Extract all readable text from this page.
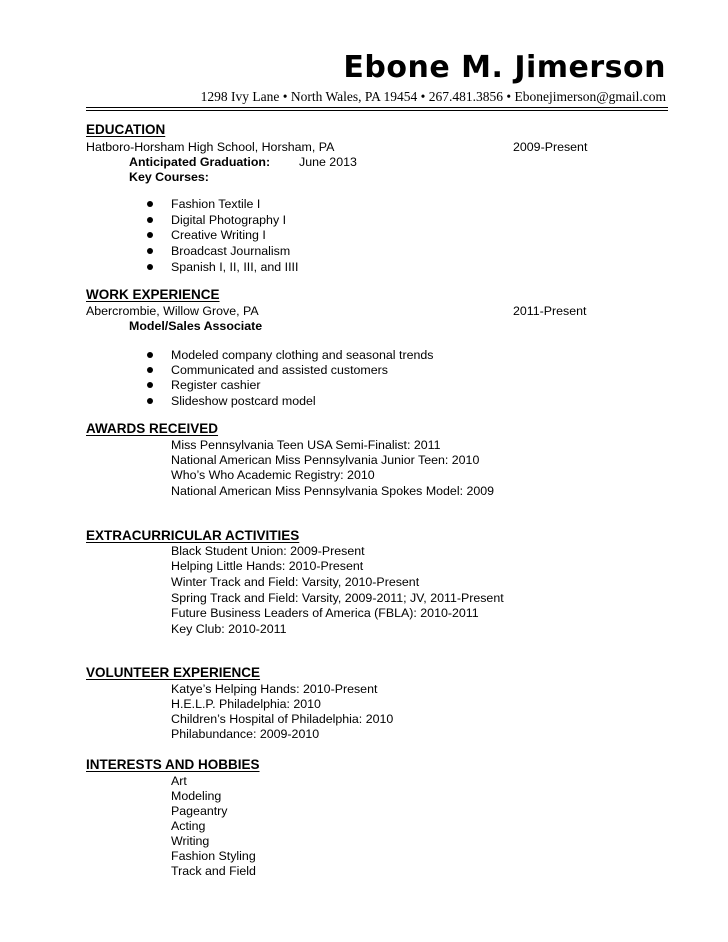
Ebone M. Jimerson
1298 Ivy Lane • North Wales, PA 19454 • 267.481.3856 • Ebonejimerson@gmail.com
EDUCATION
Hatboro-Horsham High School, Horsham, PA	2009-Present
Anticipated Graduation: June 2013
Key Courses:
Fashion Textile I
Digital Photography I
Creative Writing I
Broadcast Journalism
Spanish I, II, III, and IIII
WORK EXPERIENCE
Abercrombie, Willow Grove, PA	2011-Present
Model/Sales Associate
Modeled company clothing and seasonal trends
Communicated and assisted customers
Register cashier
Slideshow postcard model
AWARDS RECEIVED
Miss Pennsylvania Teen USA Semi-Finalist: 2011
National American Miss Pennsylvania Junior Teen: 2010
Who’s Who Academic Registry: 2010
National American Miss Pennsylvania Spokes Model: 2009
EXTRACURRICULAR ACTIVITIES
Black Student Union: 2009-Present
Helping Little Hands: 2010-Present
Winter Track and Field: Varsity, 2010-Present
Spring Track and Field: Varsity, 2009-2011; JV, 2011-Present
Future Business Leaders of America (FBLA): 2010-2011
Key Club: 2010-2011
VOLUNTEER EXPERIENCE
Katye’s Helping Hands: 2010-Present
H.E.L.P. Philadelphia: 2010
Children’s Hospital of Philadelphia: 2010
Philabundance: 2009-2010
INTERESTS AND HOBBIES
Art
Modeling
Pageantry
Acting
Writing
Fashion Styling
Track and Field
